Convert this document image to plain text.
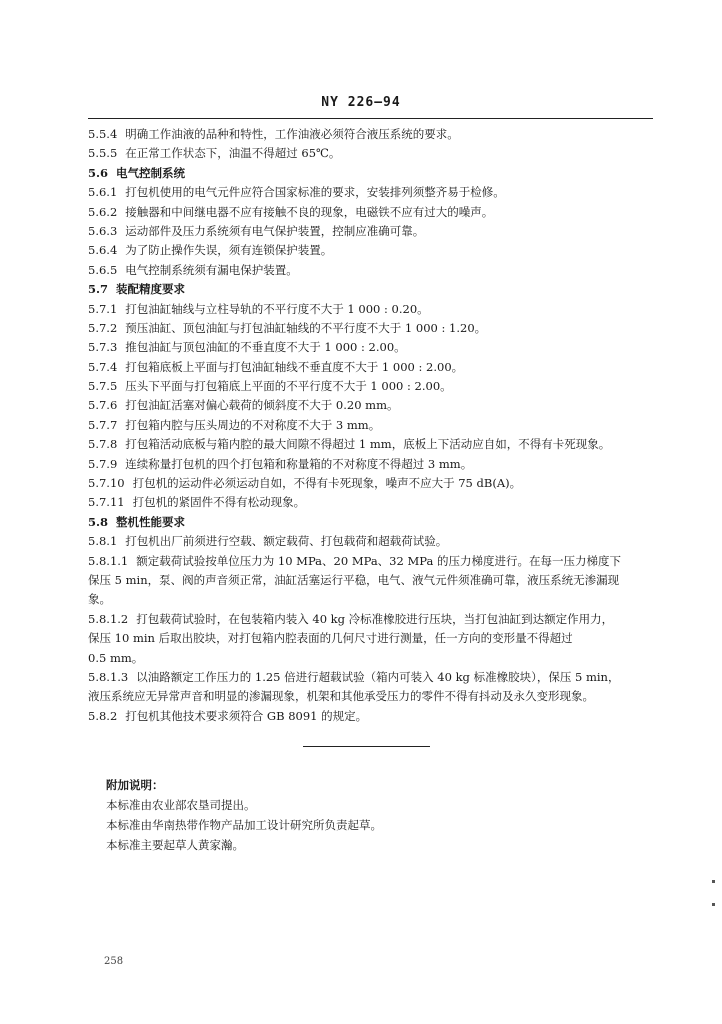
NY 226—94
5.5.4 明确工作油液的品种和特性，工作油液必须符合液压系统的要求。
5.5.5 在正常工作状态下，油温不得超过 65℃。
5.6 电气控制系统
5.6.1 打包机使用的电气元件应符合国家标准的要求，安装排列须整齐易于检修。
5.6.2 接触器和中间继电器不应有接触不良的现象，电磁铁不应有过大的噪声。
5.6.3 运动部件及压力系统须有电气保护装置，控制应准确可靠。
5.6.4 为了防止操作失误，须有连锁保护装置。
5.6.5 电气控制系统须有漏电保护装置。
5.7 装配精度要求
5.7.1 打包油缸轴线与立柱导轨的不平行度不大于 1 000 : 0.20。
5.7.2 预压油缸、顶包油缸与打包油缸轴线的不平行度不大于 1 000 : 1.20。
5.7.3 推包油缸与顶包油缸的不垂直度不大于 1 000 : 2.00。
5.7.4 打包箱底板上平面与打包油缸轴线不垂直度不大于 1 000 : 2.00。
5.7.5 压头下平面与打包箱底上平面的不平行度不大于 1 000 : 2.00。
5.7.6 打包油缸活塞对偏心载荷的倾斜度不大于 0.20 mm。
5.7.7 打包箱内腔与压头周边的不对称度不大于 3 mm。
5.7.8 打包箱活动底板与箱内腔的最大间隙不得超过 1 mm，底板上下活动应自如，不得有卡死现象。
5.7.9 连续称量打包机的四个打包箱和称量箱的不对称度不得超过 3 mm。
5.7.10 打包机的运动件必须运动自如，不得有卡死现象，噪声不应大于 75 dB(A)。
5.7.11 打包机的紧固件不得有松动现象。
5.8 整机性能要求
5.8.1 打包机出厂前须进行空载、额定载荷、打包载荷和超载荷试验。
5.8.1.1 额定载荷试验按单位压力为 10 MPa、20 MPa、32 MPa 的压力梯度进行。在每一压力梯度下
保压 5 min，泵、阀的声音须正常，油缸活塞运行平稳，电气、液气元件须准确可靠，液压系统无渗漏现
象。
5.8.1.2 打包载荷试验时，在包装箱内装入 40 kg 冷标准橡胶进行压块，当打包油缸到达额定作用力，
保压 10 min 后取出胶块，对打包箱内腔表面的几何尺寸进行测量，任一方向的变形量不得超过
0.5 mm。
5.8.1.3 以油路额定工作压力的 1.25 倍进行超载试验（箱内可装入 40 kg 标准橡胶块），保压 5 min，
液压系统应无异常声音和明显的渗漏现象，机架和其他承受压力的零件不得有抖动及永久变形现象。
5.8.2 打包机其他技术要求须符合 GB 8091 的规定。
附加说明：
本标准由农业部农垦司提出。
本标准由华南热带作物产品加工设计研究所负责起草。
本标准主要起草人黄家瀚。
258
